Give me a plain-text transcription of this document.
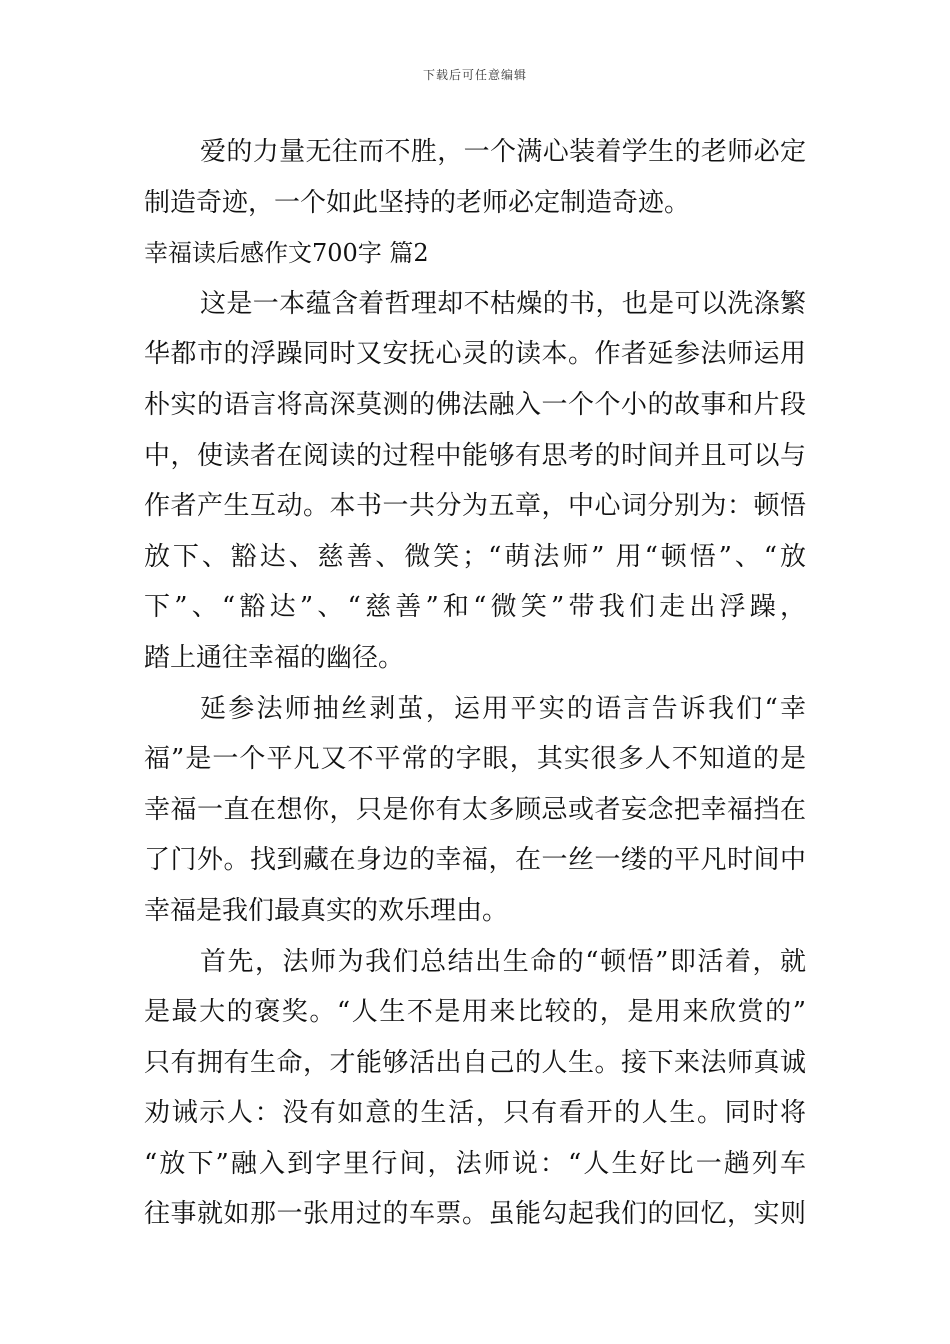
下载后可任意编辑
爱的力量无往而不胜，一个满心装着学生的老师必定
制造奇迹，一个如此坚持的老师必定制造奇迹。
幸福读后感作文700字 篇2
这是一本蕴含着哲理却不枯燥的书，也是可以洗涤繁
华都市的浮躁同时又安抚心灵的读本。作者延参法师运用
朴实的语言将高深莫测的佛法融入一个个小的故事和片段
中，使读者在阅读的过程中能够有思考的时间并且可以与
作者产生互动。本书一共分为五章，中心词分别为：顿悟
放下、豁达、慈善、微笑；“萌法师” 用“顿悟”、“放
下”、“豁达”、“慈善”和“微笑”带我们走出浮躁，
踏上通往幸福的幽径。
延参法师抽丝剥茧，运用平实的语言告诉我们“幸
福”是一个平凡又不平常的字眼，其实很多人不知道的是
幸福一直在想你，只是你有太多顾忌或者妄念把幸福挡在
了门外。找到藏在身边的幸福，在一丝一缕的平凡时间中
幸福是我们最真实的欢乐理由。
首先，法师为我们总结出生命的“顿悟”即活着，就
是最大的褒奖。“人生不是用来比较的，是用来欣赏的”
只有拥有生命，才能够活出自己的人生。接下来法师真诚
劝诫示人：没有如意的生活，只有看开的人生。同时将
“放下”融入到字里行间，法师说：“人生好比一趟列车
往事就如那一张用过的车票。虽能勾起我们的回忆，实则
